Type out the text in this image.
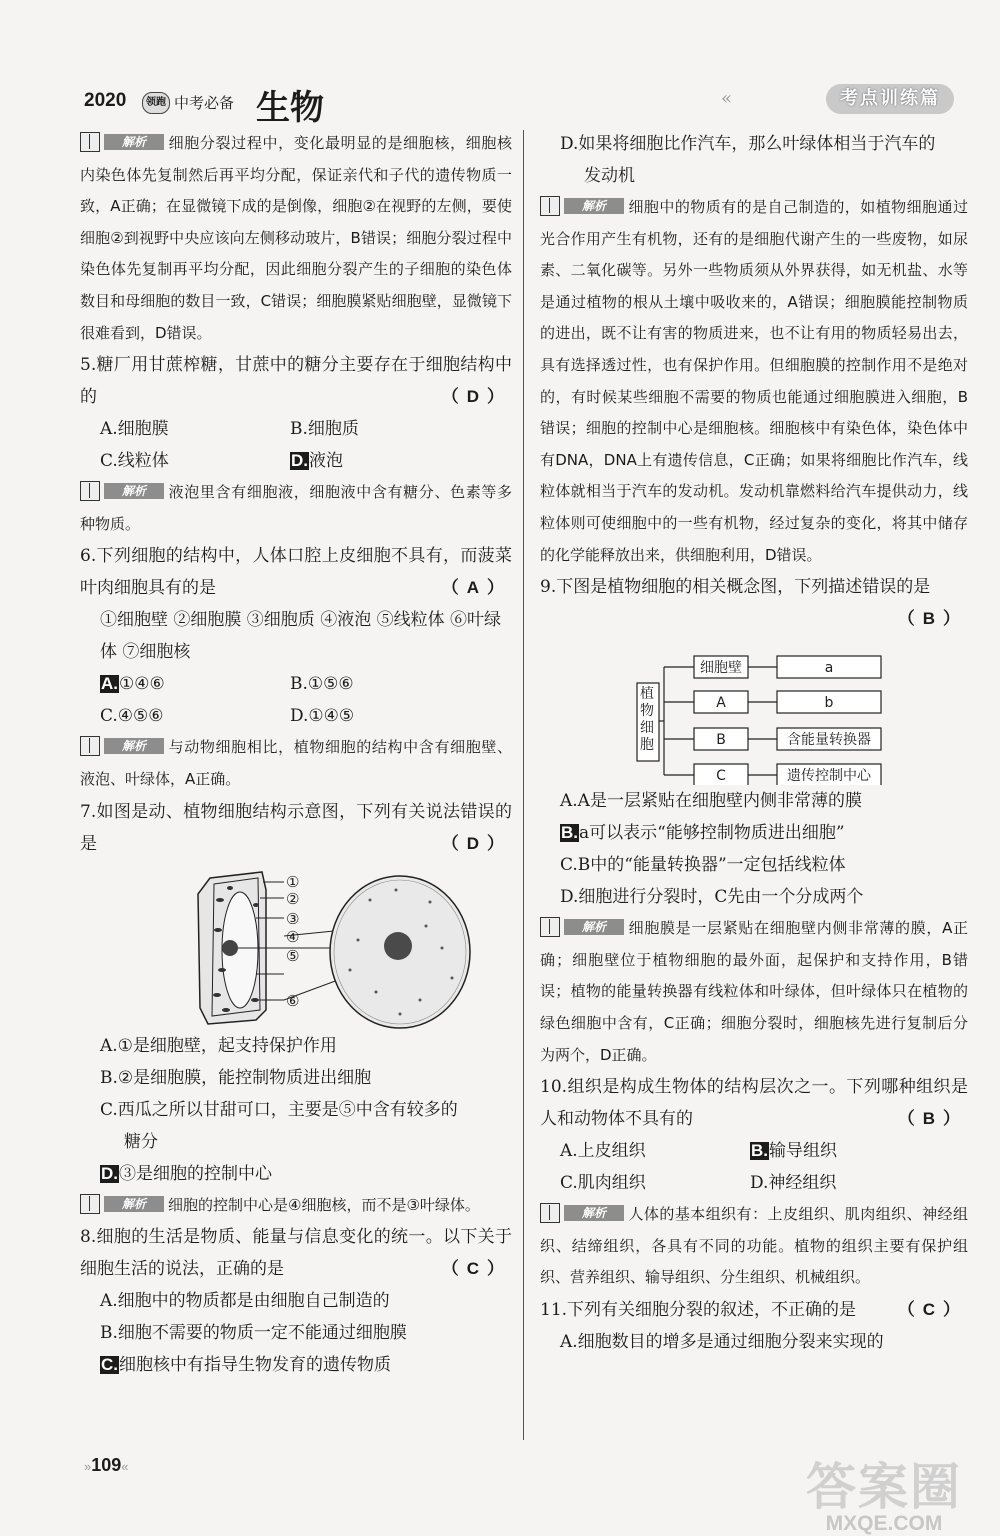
2020	领跑 中考必备 生物	«	考点训练篇

解析	细胞分裂过程中，变化最明显的是细胞核，细胞核内染色体先复制然后再平均分配，保证亲代和子代的遗传物质一致，A正确；在显微镜下成的是倒像，细胞②在视野的左侧，要使细胞②到视野中央应该向左侧移动玻片，B错误；细胞分裂过程中染色体先复制再平均分配，因此细胞分裂产生的子细胞的染色体数目和母细胞的数目一致，C错误；细胞膜紧贴细胞壁，显微镜下很难看到，D错误。

5.糖厂用甘蔗榨糖，甘蔗中的糖分主要存在于细胞结构中的	（D）

A.细胞膜	B.细胞质
C.线粒体	D.液泡

解析	液泡里含有细胞液，细胞液中含有糖分、色素等多种物质。

6.下列细胞的结构中，人体口腔上皮细胞不具有，而菠菜叶肉细胞具有的是	（A）

①细胞壁 ②细胞膜 ③细胞质 ④液泡 ⑤线粒体 ⑥叶绿体 ⑦细胞核

A.①④⑥	B.①⑤⑥
C.④⑤⑥	D.①④⑤

解析	与动物细胞相比，植物细胞的结构中含有细胞壁、液泡、叶绿体，A正确。

7.如图是动、植物细胞结构示意图，下列有关说法错误的是	（D）

①
②
③
④
⑤
⑥

A.①是细胞壁，起支持保护作用

B.②是细胞膜，能控制物质进出细胞

C.西瓜之所以甘甜可口，主要是⑤中含有较多的

糖分

D.③是细胞的控制中心

解析	细胞的控制中心是④细胞核，而不是③叶绿体。

8.细胞的生活是物质、能量与信息变化的统一。以下关于细胞生活的说法，正确的是	（C）

A.细胞中的物质都是由细胞自己制造的

B.细胞不需要的物质一定不能通过细胞膜

C.细胞核中有指导生物发育的遗传物质

D.如果将细胞比作汽车，那么叶绿体相当于汽车的

发动机

解析	细胞中的物质有的是自己制造的，如植物细胞通过光合作用产生有机物，还有的是细胞代谢产生的一些废物，如尿素、二氧化碳等。另外一些物质须从外界获得，如无机盐、水等是通过植物的根从土壤中吸收来的，A错误；细胞膜能控制物质的进出，既不让有害的物质进来，也不让有用的物质轻易出去，具有选择透过性，也有保护作用。但细胞膜的控制作用不是绝对的，有时候某些细胞不需要的物质也能通过细胞膜进入细胞，B错误；细胞的控制中心是细胞核。细胞核中有染色体，染色体中有DNA，DNA上有遗传信息，C正确；如果将细胞比作汽车，线粒体就相当于汽车的发动机。发动机靠燃料给汽车提供动力，线粒体则可使细胞中的一些有机物，经过复杂的变化，将其中储存的化学能释放出来，供细胞利用，D错误。

9.下图是植物细胞的相关概念图，下列描述错误的是

（B）

植
物
细
胞
细胞壁
A
B
C
a
b
含能量转换器
遗传控制中心

A.A是一层紧贴在细胞壁内侧非常薄的膜

B.a可以表示“能够控制物质进出细胞”

C.B中的“能量转换器”一定包括线粒体

D.细胞进行分裂时，C先由一个分成两个

解析	细胞膜是一层紧贴在细胞壁内侧非常薄的膜，A正确；细胞壁位于植物细胞的最外面，起保护和支持作用，B错误；植物的能量转换器有线粒体和叶绿体，但叶绿体只在植物的绿色细胞中含有，C正确；细胞分裂时，细胞核先进行复制后分为两个，D正确。

10.组织是构成生物体的结构层次之一。下列哪种组织是人和动物体不具有的	（B）

A.上皮组织	B.输导组织
C.肌肉组织	D.神经组织

解析	人体的基本组织有：上皮组织、肌肉组织、神经组织、结缔组织，各具有不同的功能。植物的组织主要有保护组织、营养组织、输导组织、分生组织、机械组织。

11.下列有关细胞分裂的叙述，不正确的是 （C）

A.细胞数目的增多是通过细胞分裂来实现的

»109«	答案圈
MXQE.COM
